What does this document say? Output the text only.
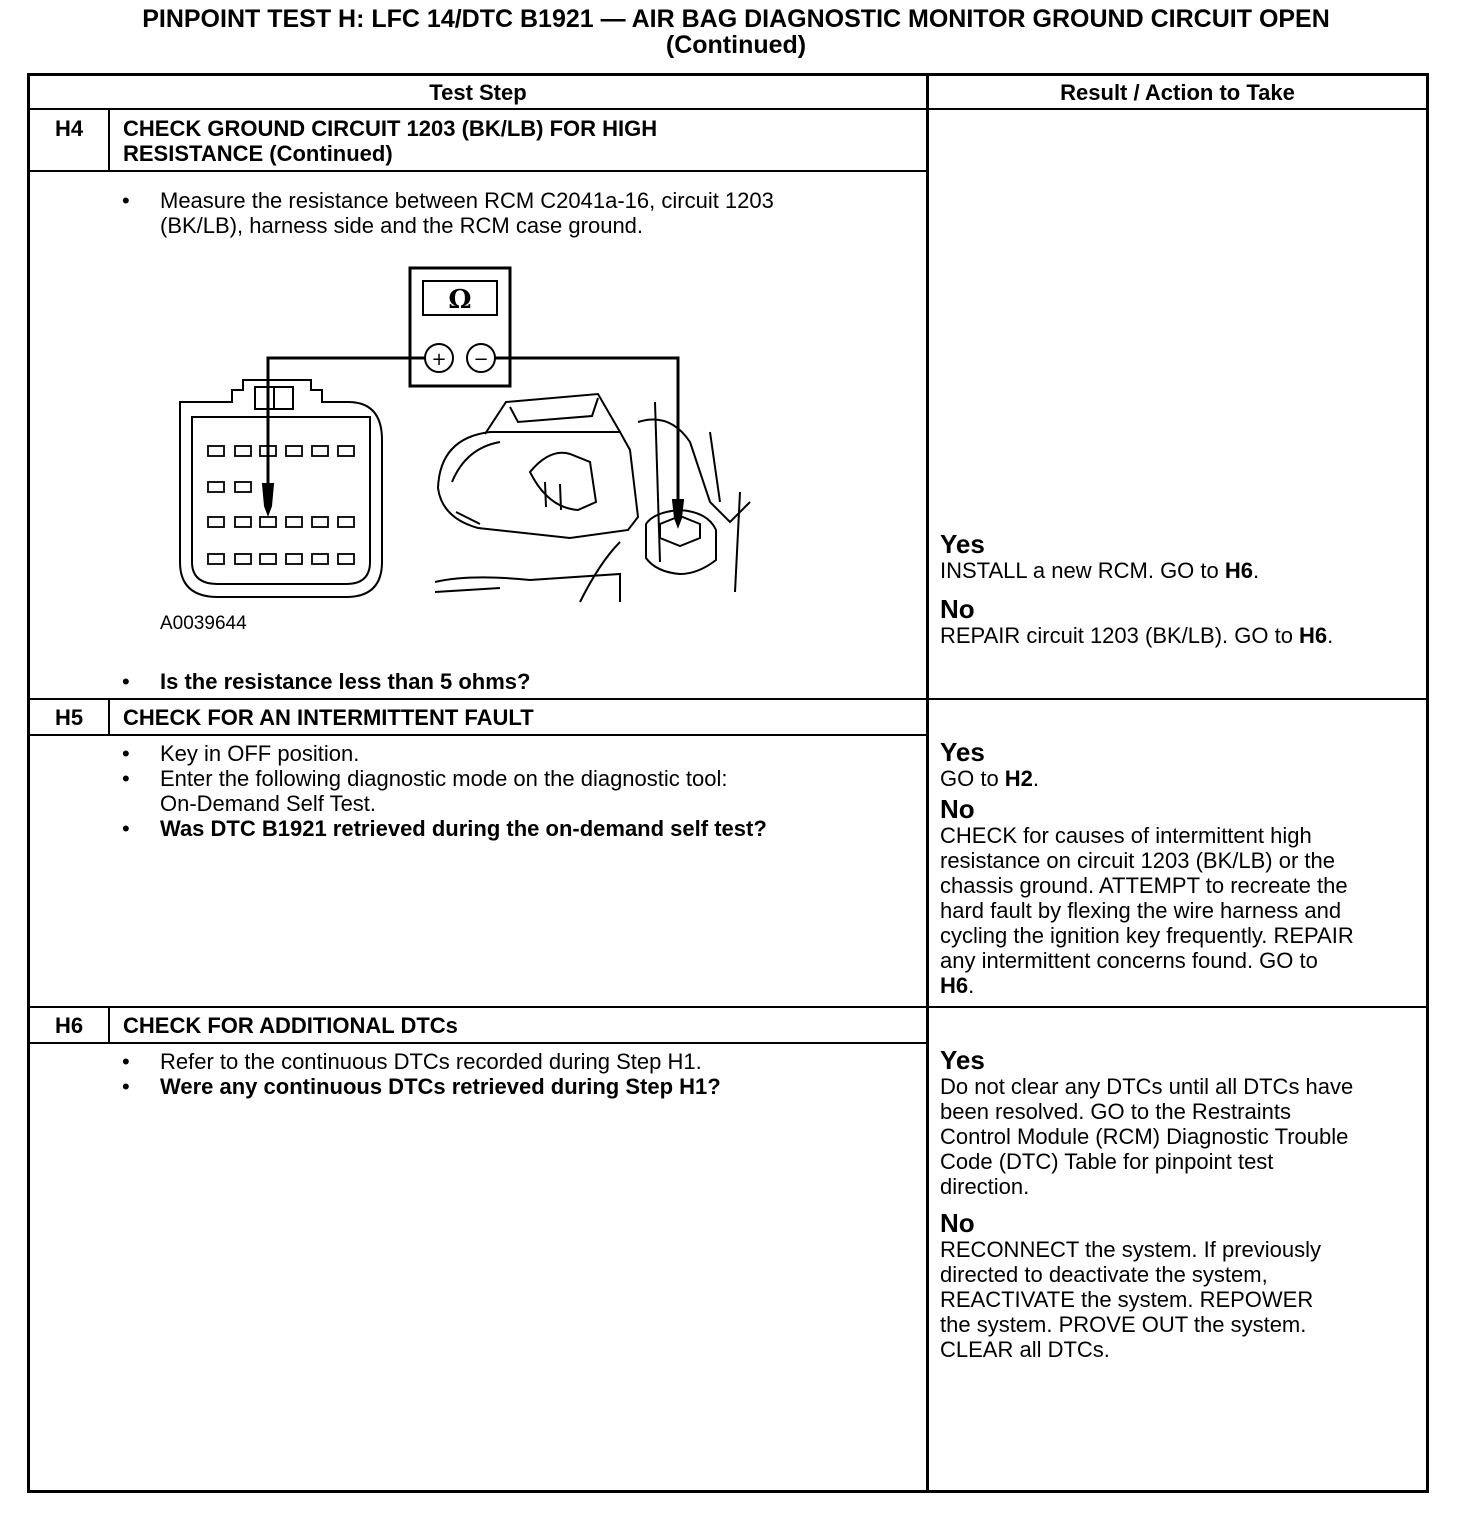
PINPOINT TEST H: LFC 14/DTC B1921 — AIR BAG DIAGNOSTIC MONITOR GROUND CIRCUIT OPEN
(Continued)
Test Step	Result / Action to Take
H4	CHECK GROUND CIRCUIT 1203 (BK/LB) FOR HIGH
RESISTANCE (Continued)
• Measure the resistance between RCM C2041a-16, circuit 1203
(BK/LB), harness side and the RCM case ground.
Ω
+ −
A0039644
• Is the resistance less than 5 ohms?
Yes
INSTALL a new RCM. GO to H6.
No
REPAIR circuit 1203 (BK/LB). GO to H6.
H5	CHECK FOR AN INTERMITTENT FAULT
• Key in OFF position.
• Enter the following diagnostic mode on the diagnostic tool:
On-Demand Self Test.
• Was DTC B1921 retrieved during the on-demand self test?
Yes
GO to H2.
No
CHECK for causes of intermittent high
resistance on circuit 1203 (BK/LB) or the
chassis ground. ATTEMPT to recreate the
hard fault by flexing the wire harness and
cycling the ignition key frequently. REPAIR
any intermittent concerns found. GO to
H6.
H6	CHECK FOR ADDITIONAL DTCs
• Refer to the continuous DTCs recorded during Step H1.
• Were any continuous DTCs retrieved during Step H1?
Yes
Do not clear any DTCs until all DTCs have
been resolved. GO to the Restraints
Control Module (RCM) Diagnostic Trouble
Code (DTC) Table for pinpoint test
direction.
No
RECONNECT the system. If previously
directed to deactivate the system,
REACTIVATE the system. REPOWER
the system. PROVE OUT the system.
CLEAR all DTCs.
